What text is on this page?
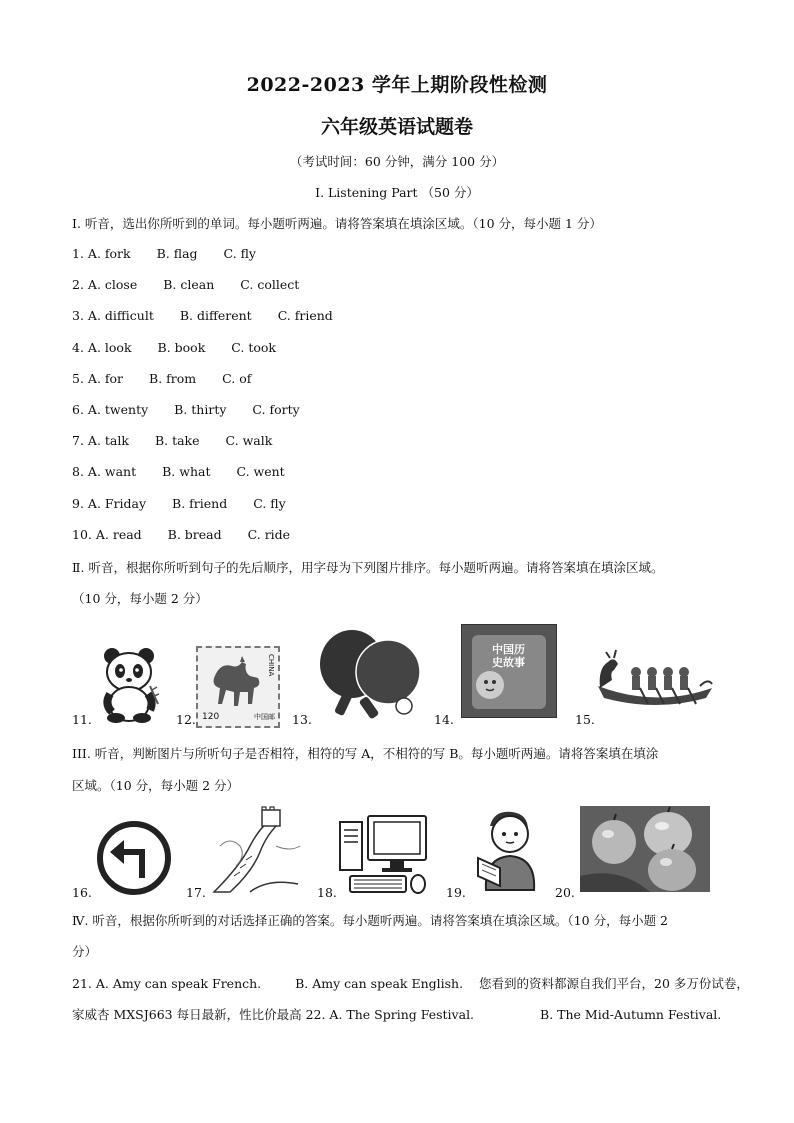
2022-2023 学年上期阶段性检测
六年级英语试题卷
（考试时间：60 分钟，满分 100 分）
I. Listening Part （50 分）
I. 听音，选出你所听到的单词。每小题听两遍。请将答案填在填涂区域。（10 分，每小题 1 分）
1. A. fork B. flag C. fly
2. A. close B. clean C. collect
3. A. difficult B. different C. friend
4. A. look B. book C. took
5. A. for B. from C. of
6. A. twenty B. thirty C. forty
7. A. talk B. take C. walk
8. A. want B. what C. went
9. A. Friday B. friend C. fly
10. A. read B. bread C. ride
Ⅱ. 听音，根据你所听到句子的先后顺序，用字母为下列图片排序。每小题听两遍。请将答案填在填涂区域。
（10 分，每小题 2 分）
11.	12.
CHINA
120	中国邮 13.	14.
中国历史故事
15.
III. 听音，判断图片与所听句子是否相符，相符的写 A，不相符的写 B。每小题听两遍。请将答案填在填涂
区域。（10 分，每小题 2 分）
16.	17.	18.	19.	20.
Ⅳ. 听音，根据你所听到的对话选择正确的答案。每小题听两遍。请将答案填在填涂区域。（10 分，每小题 2
分）
21. A. Amy can speak French.	B. Amy can speak English. 您看到的资料都源自我们平台，20 多万份试卷，
家威杏 MXSJ663 每日最新，性比价最高 22. A. The Spring Festival.	B. The Mid-Autumn Festival.
